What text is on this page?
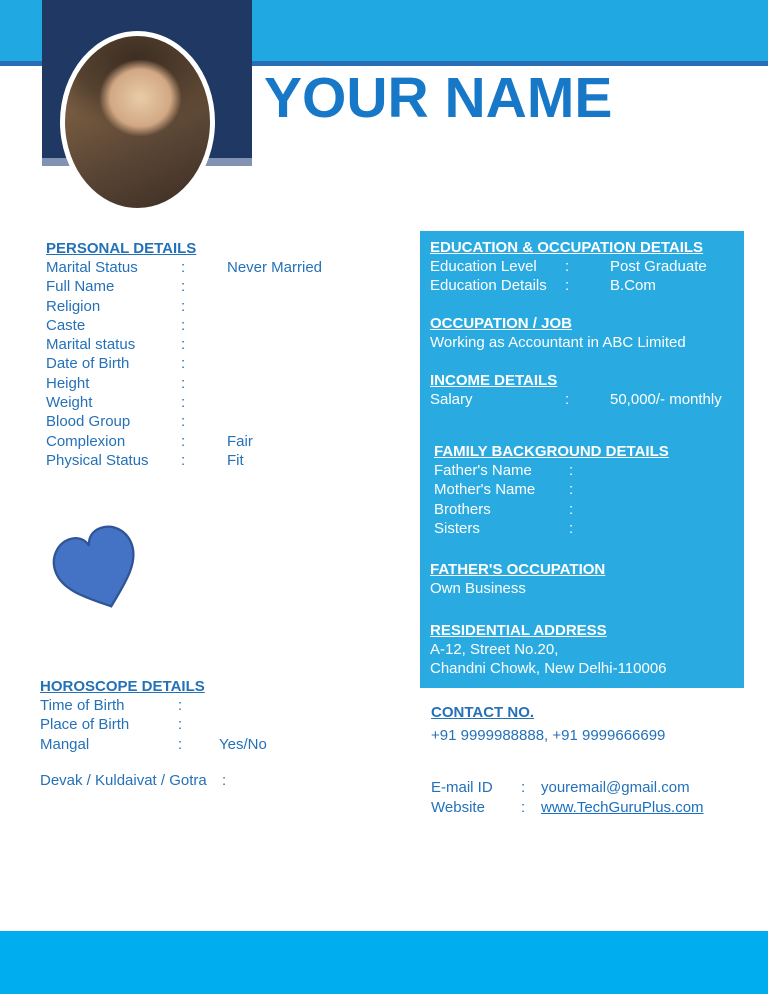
YOUR NAME
PERSONAL DETAILS
Marital Status	:	Never Married
Full Name	:
Religion	:
Caste	:
Marital status	:
Date of Birth	:
Height	:
Weight	:
Blood Group	:
Complexion	:	Fair
Physical Status	:	Fit
HOROSCOPE DETAILS
Time of Birth	:
Place of Birth	:
Mangal	:	Yes/No
Devak / Kuldaivat / Gotra	:
EDUCATION & OCCUPATION DETAILS
Education Level	:	Post Graduate
Education Details	:	B.Com
OCCUPATION / JOB
Working as Accountant in ABC Limited
INCOME DETAILS
Salary	:	50,000/- monthly
FAMILY BACKGROUND DETAILS
Father's Name	:
Mother's Name	:
Brothers	:
Sisters	:
FATHER'S OCCUPATION
Own Business
RESIDENTIAL ADDRESS
A-12, Street No.20,
Chandni Chowk, New Delhi-110006
CONTACT NO.
+91 9999988888, +91 9999666699
E-mail ID	:	youremail@gmail.com
Website	:	www.TechGuruPlus.com
